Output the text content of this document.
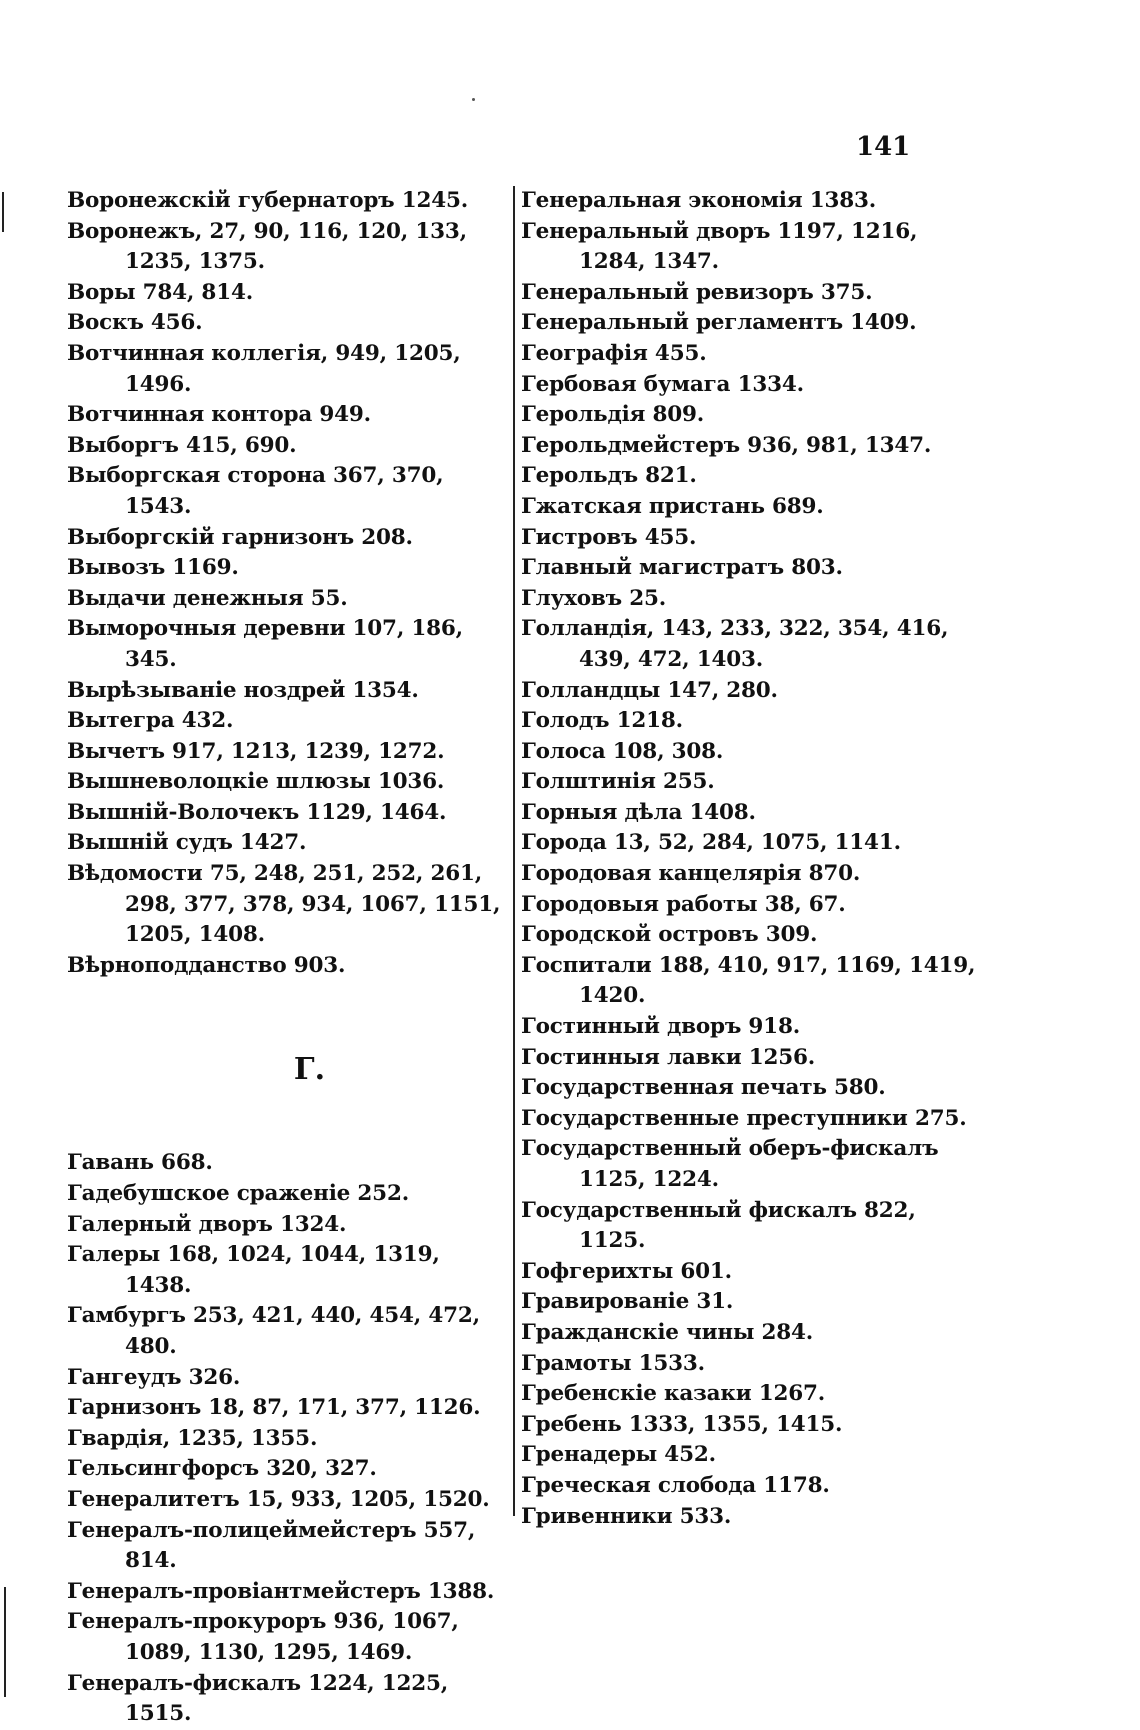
141
Воронежскій губернаторъ 1245.
Воронежъ, 27, 90, 116, 120, 133, 1235, 1375.
Воры 784, 814.
Воскъ 456.
Вотчинная коллегія, 949, 1205, 1496.
Вотчинная контора 949.
Выборгъ 415, 690.
Выборгская сторона 367, 370, 1543.
Выборгскій гарнизонъ 208.
Вывозъ 1169.
Выдачи денежныя 55.
Выморочныя деревни 107, 186, 345.
Вырѣзываніе ноздрей 1354.
Вытегра 432.
Вычетъ 917, 1213, 1239, 1272.
Вышневолоцкіе шлюзы 1036.
Вышній-Волочекъ 1129, 1464.
Вышній судъ 1427.
Вѣдомости 75, 248, 251, 252, 261, 298, 377, 378, 934, 1067, 1151, 1205, 1408.
Вѣрноподданство 903.
Г.
Гавань 668.
Гадебушское сраженіе 252.
Галерный дворъ 1324.
Галеры 168, 1024, 1044, 1319, 1438.
Гамбургъ 253, 421, 440, 454, 472, 480.
Гангеудъ 326.
Гарнизонъ 18, 87, 171, 377, 1126.
Гвардія, 1235, 1355.
Гельсингфорсъ 320, 327.
Генералитетъ 15, 933, 1205, 1520.
Генералъ-полицеймейстеръ 557, 814.
Генералъ-провіантмейстеръ 1388.
Генералъ-прокуроръ 936, 1067, 1089, 1130, 1295, 1469.
Генералъ-фискалъ 1224, 1225, 1515.
Генеральная экономія 1383.
Генеральный дворъ 1197, 1216, 1284, 1347.
Генеральный ревизоръ 375.
Генеральный регламентъ 1409.
Географія 455.
Гербовая бумага 1334.
Герольдія 809.
Герольдмейстеръ 936, 981, 1347.
Герольдъ 821.
Гжатская пристань 689.
Гистровъ 455.
Главный магистратъ 803.
Глуховъ 25.
Голландія, 143, 233, 322, 354, 416, 439, 472, 1403.
Голландцы 147, 280.
Голодъ 1218.
Голоса 108, 308.
Голштинія 255.
Горныя дѣла 1408.
Города 13, 52, 284, 1075, 1141.
Городовая канцелярія 870.
Городовыя работы 38, 67.
Городской островъ 309.
Госпитали 188, 410, 917, 1169, 1419, 1420.
Гостинный дворъ 918.
Гостинныя лавки 1256.
Государственная печать 580.
Государственные преступники 275.
Государственный оберъ-фискалъ 1125, 1224.
Государственный фискалъ 822, 1125.
Гофгерихты 601.
Гравированіе 31.
Гражданскіе чины 284.
Грамоты 1533.
Гребенскіе казаки 1267.
Гребень 1333, 1355, 1415.
Гренадеры 452.
Греческая слобода 1178.
Гривенники 533.
